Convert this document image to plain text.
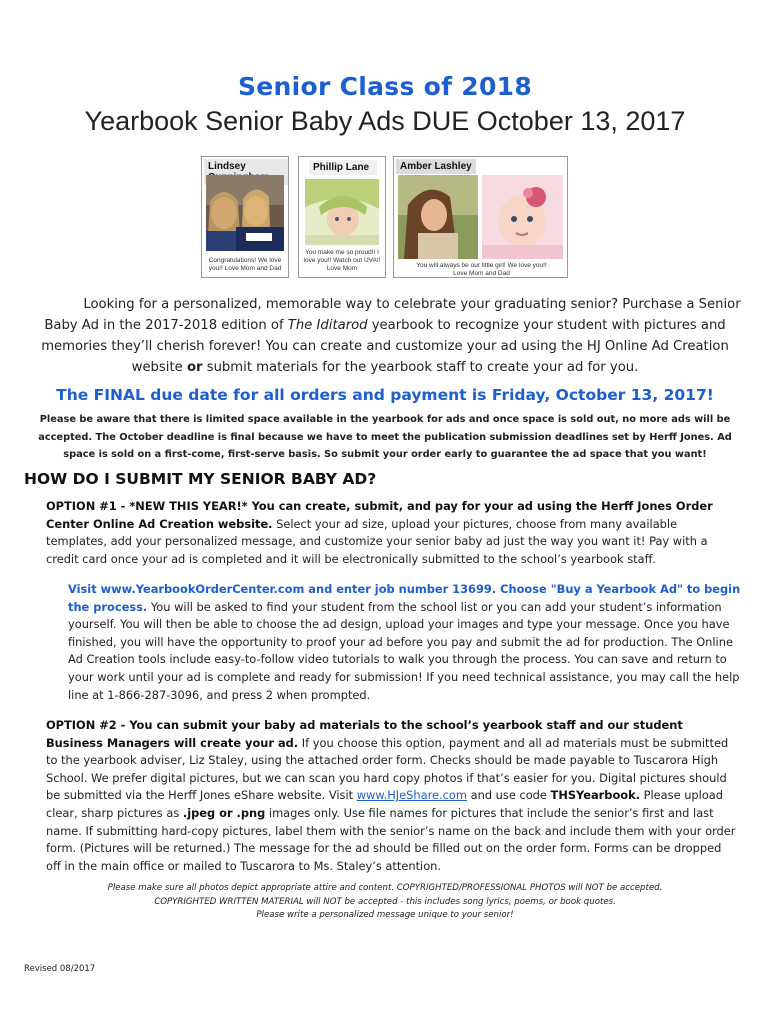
Senior Class of 2018
Yearbook Senior Baby Ads DUE October 13, 2017
Lindsey
Congratulations! We love you!! Love Mom and Dad
Phillip Lane
You make me so proud!! I love you!! Watch out UVA!! Love Mom
Amber Lashley
You will always be our little girl! We love you!! Love Mom and Dad
Looking for a personalized, memorable way to celebrate your graduating senior? Purchase a Senior Baby Ad in the 2017-2018 edition of The Iditarod yearbook to recognize your student with pictures and memories they’ll cherish forever! You can create and customize your ad using the HJ Online Ad Creation website or submit materials for the yearbook staff to create your ad for you.
The FINAL due date for all orders and payment is Friday, October 13, 2017!
Please be aware that there is limited space available in the yearbook for ads and once space is sold out, no more ads will be accepted. The October deadline is final because we have to meet the publication submission deadlines set by Herff Jones. Ad space is sold on a first-come, first-serve basis. So submit your order early to guarantee the ad space that you want!
HOW DO I SUBMIT MY SENIOR BABY AD?
OPTION #1 - *NEW THIS YEAR!* You can create, submit, and pay for your ad using the Herff Jones Order Center Online Ad Creation website. Select your ad size, upload your pictures, choose from many available templates, add your personalized message, and customize your senior baby ad just the way you want it! Pay with a credit card once your ad is completed and it will be electronically submitted to the school’s yearbook staff.
Visit www.YearbookOrderCenter.com and enter job number 13699. Choose "Buy a Yearbook Ad" to begin the process. You will be asked to find your student from the school list or you can add your student’s information yourself. You will then be able to choose the ad design, upload your images and type your message. Once you have finished, you will have the opportunity to proof your ad before you pay and submit the ad for production. The Online Ad Creation tools include easy-to-follow video tutorials to walk you through the process. You can save and return to your work until your ad is complete and ready for submission! If you need technical assistance, you may call the help line at 1-866-287-3096, and press 2 when prompted.
OPTION #2 - You can submit your baby ad materials to the school’s yearbook staff and our student Business Managers will create your ad. If you choose this option, payment and all ad materials must be submitted to the yearbook adviser, Liz Staley, using the attached order form. Checks should be made payable to Tuscarora High School. We prefer digital pictures, but we can scan you hard copy photos if that’s easier for you. Digital pictures should be submitted via the Herff Jones eShare website. Visit www.HJeShare.com and use code THSYearbook. Please upload clear, sharp pictures as .jpeg or .png images only. Use file names for pictures that include the senior’s first and last name. If submitting hard-copy pictures, label them with the senior’s name on the back and include them with your order form. (Pictures will be returned.) The message for the ad should be filled out on the order form. Forms can be dropped off in the main office or mailed to Tuscarora to Ms. Staley’s attention.
Please make sure all photos depict appropriate attire and content. COPYRIGHTED/PROFESSIONAL PHOTOS will NOT be accepted.
COPYRIGHTED WRITTEN MATERIAL will NOT be accepted - this includes song lyrics, poems, or book quotes.
Please write a personalized message unique to your senior!
Revised 08/2017
